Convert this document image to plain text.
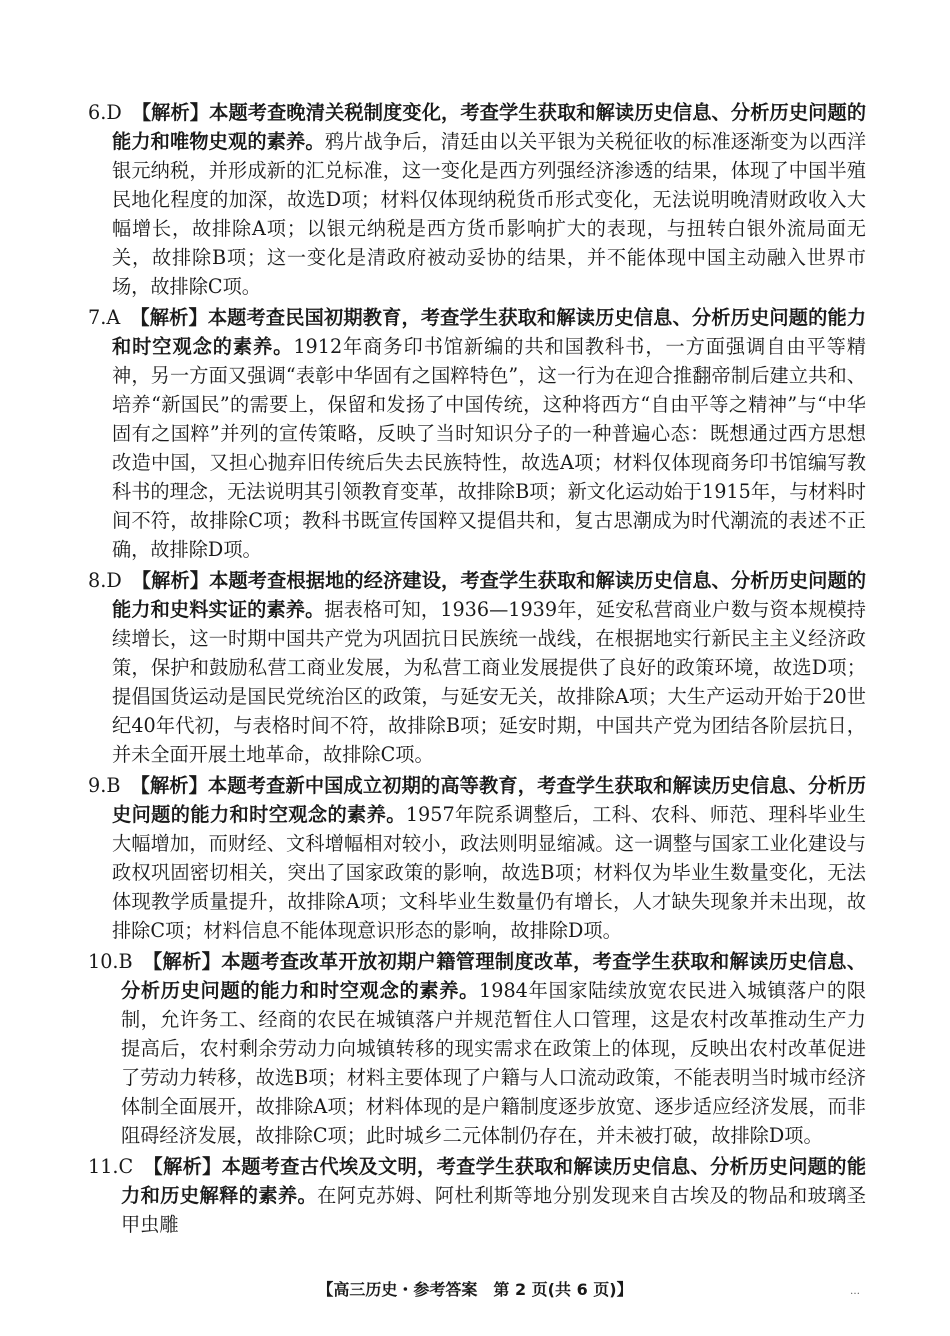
6.D 【解析】本题考查晚清关税制度变化，考查学生获取和解读历史信息、分析历史问题的能力和唯物史观的素养。鸦片战争后，清廷由以关平银为关税征收的标准逐渐变为以西洋银元纳税，并形成新的汇兑标准，这一变化是西方列强经济渗透的结果，体现了中国半殖民地化程度的加深，故选D项；材料仅体现纳税货币形式变化，无法说明晚清财政收入大幅增长，故排除A项；以银元纳税是西方货币影响扩大的表现，与扭转白银外流局面无关，故排除B项；这一变化是清政府被动妥协的结果，并不能体现中国主动融入世界市场，故排除C项。
7.A 【解析】本题考查民国初期教育，考查学生获取和解读历史信息、分析历史问题的能力和时空观念的素养。1912年商务印书馆新编的共和国教科书，一方面强调自由平等精神，另一方面又强调“表彰中华固有之国粹特色”，这一行为在迎合推翻帝制后建立共和、培养“新国民”的需要上，保留和发扬了中国传统，这种将西方“自由平等之精神”与“中华固有之国粹”并列的宣传策略，反映了当时知识分子的一种普遍心态：既想通过西方思想改造中国，又担心抛弃旧传统后失去民族特性，故选A项；材料仅体现商务印书馆编写教科书的理念，无法说明其引领教育变革，故排除B项；新文化运动始于1915年，与材料时间不符，故排除C项；教科书既宣传国粹又提倡共和，复古思潮成为时代潮流的表述不正确，故排除D项。
8.D 【解析】本题考查根据地的经济建设，考查学生获取和解读历史信息、分析历史问题的能力和史料实证的素养。据表格可知，1936—1939年，延安私营商业户数与资本规模持续增长，这一时期中国共产党为巩固抗日民族统一战线，在根据地实行新民主主义经济政策，保护和鼓励私营工商业发展，为私营工商业发展提供了良好的政策环境，故选D项；提倡国货运动是国民党统治区的政策，与延安无关，故排除A项；大生产运动开始于20世纪40年代初，与表格时间不符，故排除B项；延安时期，中国共产党为团结各阶层抗日，并未全面开展土地革命，故排除C项。
9.B 【解析】本题考查新中国成立初期的高等教育，考查学生获取和解读历史信息、分析历史问题的能力和时空观念的素养。1957年院系调整后，工科、农科、师范、理科毕业生大幅增加，而财经、文科增幅相对较小，政法则明显缩减。这一调整与国家工业化建设与政权巩固密切相关，突出了国家政策的影响，故选B项；材料仅为毕业生数量变化，无法体现教学质量提升，故排除A项；文科毕业生数量仍有增长，人才缺失现象并未出现，故排除C项；材料信息不能体现意识形态的影响，故排除D项。
10.B 【解析】本题考查改革开放初期户籍管理制度改革，考查学生获取和解读历史信息、分析历史问题的能力和时空观念的素养。1984年国家陆续放宽农民进入城镇落户的限制，允许务工、经商的农民在城镇落户并规范暂住人口管理，这是农村改革推动生产力提高后，农村剩余劳动力向城镇转移的现实需求在政策上的体现，反映出农村改革促进了劳动力转移，故选B项；材料主要体现了户籍与人口流动政策，不能表明当时城市经济体制全面展开，故排除A项；材料体现的是户籍制度逐步放宽、逐步适应经济发展，而非阻碍经济发展，故排除C项；此时城乡二元体制仍存在，并未被打破，故排除D项。
11.C 【解析】本题考查古代埃及文明，考查学生获取和解读历史信息、分析历史问题的能力和历史解释的素养。在阿克苏姆、阿杜利斯等地分别发现来自古埃及的物品和玻璃圣甲虫雕
【高三历史・参考答案　第 2 页(共 6 页)】	…
